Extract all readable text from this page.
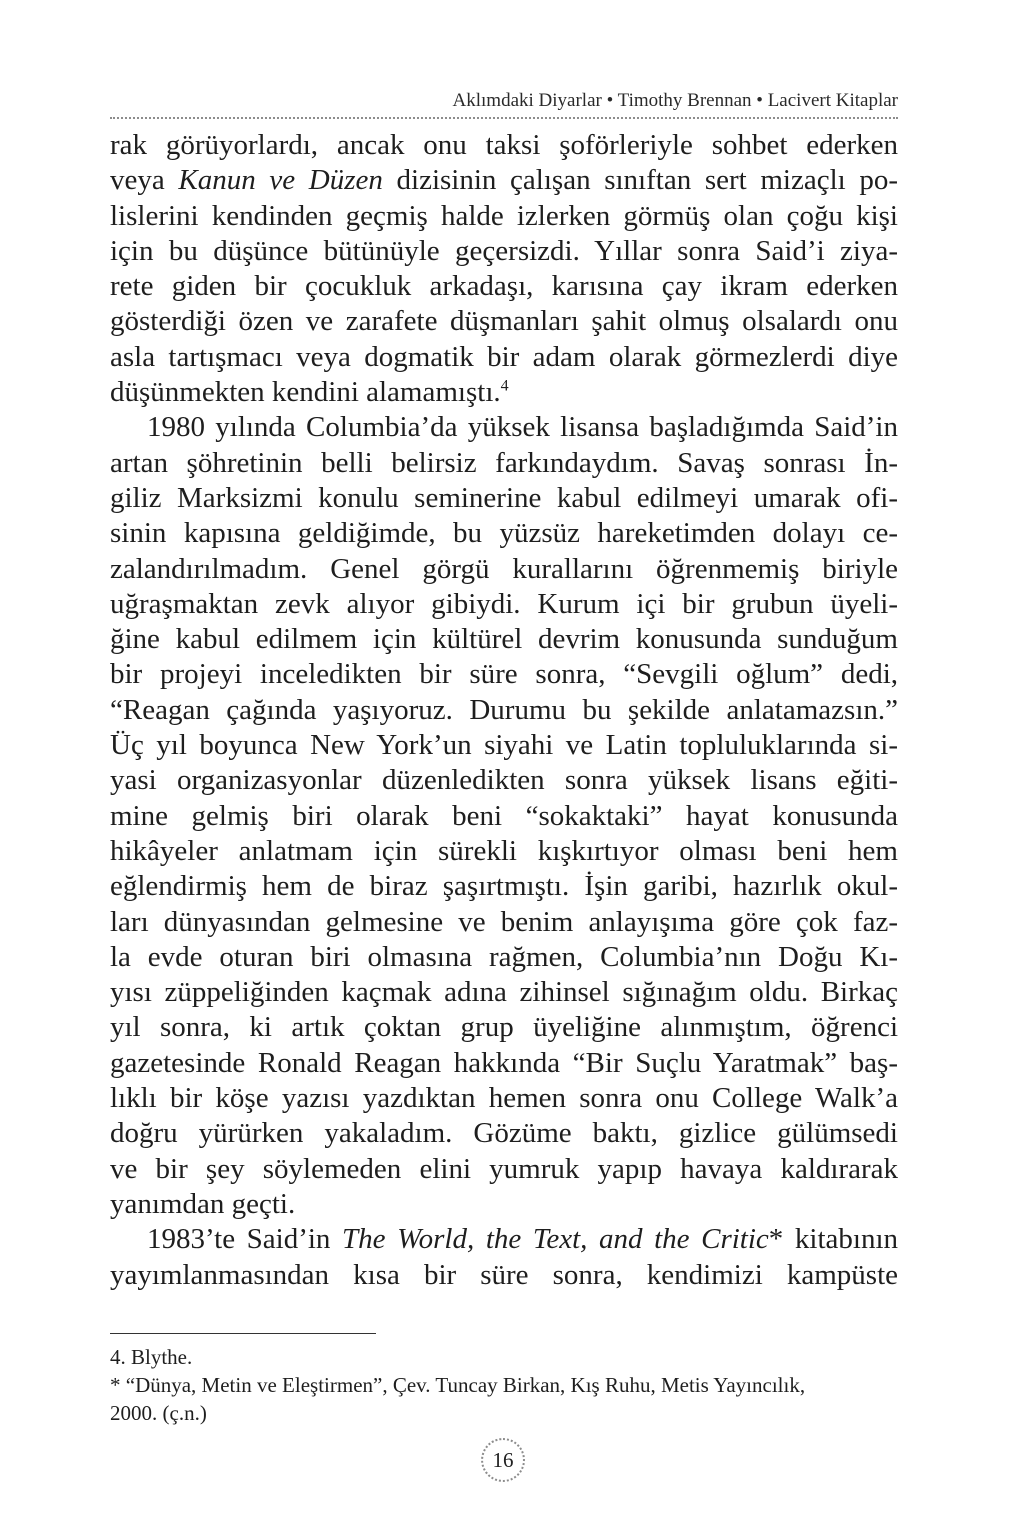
Aklımdaki Diyarlar • Timothy Brennan • Lacivert Kitaplar
rak görüyorlardı, ancak onu taksi şoförleriyle sohbet ederken
veya Kanun ve Düzen dizisinin çalışan sınıftan sert mizaçlı po-
lislerini kendinden geçmiş halde izlerken görmüş olan çoğu kişi
için bu düşünce bütünüyle geçersizdi. Yıllar sonra Said’i ziya-
rete giden bir çocukluk arkadaşı, karısına çay ikram ederken
gösterdiği özen ve zarafete düşmanları şahit olmuş olsalardı onu
asla tartışmacı veya dogmatik bir adam olarak görmezlerdi diye
düşünmekten kendini alamamıştı.$^4$
1980 yılında Columbia’da yüksek lisansa başladığımda Said’in
artan şöhretinin belli belirsiz farkındaydım. Savaş sonrası İn-
giliz Marksizmi konulu seminerine kabul edilmeyi umarak ofi-
sinin kapısına geldiğimde, bu yüzsüz hareketimden dolayı ce-
zalandırılmadım. Genel görgü kurallarını öğrenmemiş biriyle
uğraşmaktan zevk alıyor gibiydi. Kurum içi bir grubun üyeli-
ğine kabul edilmem için kültürel devrim konusunda sunduğum
bir projeyi inceledikten bir süre sonra, “Sevgili oğlum” dedi,
“Reagan çağında yaşıyoruz. Durumu bu şekilde anlatamazsın.”
Üç yıl boyunca New York’un siyahi ve Latin topluluklarında si-
yasi organizasyonlar düzenledikten sonra yüksek lisans eğiti-
mine gelmiş biri olarak beni “sokaktaki” hayat konusunda
hikâyeler anlatmam için sürekli kışkırtıyor olması beni hem
eğlendirmiş hem de biraz şaşırtmıştı. İşin garibi, hazırlık okul-
ları dünyasından gelmesine ve benim anlayışıma göre çok faz-
la evde oturan biri olmasına rağmen, Columbia’nın Doğu Kı-
yısı züppeliğinden kaçmak adına zihinsel sığınağım oldu. Birkaç
yıl sonra, ki artık çoktan grup üyeliğine alınmıştım, öğrenci
gazetesinde Ronald Reagan hakkında “Bir Suçlu Yaratmak” baş-
lıklı bir köşe yazısı yazdıktan hemen sonra onu College Walk’a
doğru yürürken yakaladım. Gözüme baktı, gizlice gülümsedi
ve bir şey söylemeden elini yumruk yapıp havaya kaldırarak
yanımdan geçti.
1983’te Said’in The World, the Text, and the Critic* kitabının
yayımlanmasından kısa bir süre sonra, kendimizi kampüste
4. Blythe.
* “Dünya, Metin ve Eleştirmen”, Çev. Tuncay Birkan, Kış Ruhu, Metis Yayıncılık,
2000. (ç.n.)
16
